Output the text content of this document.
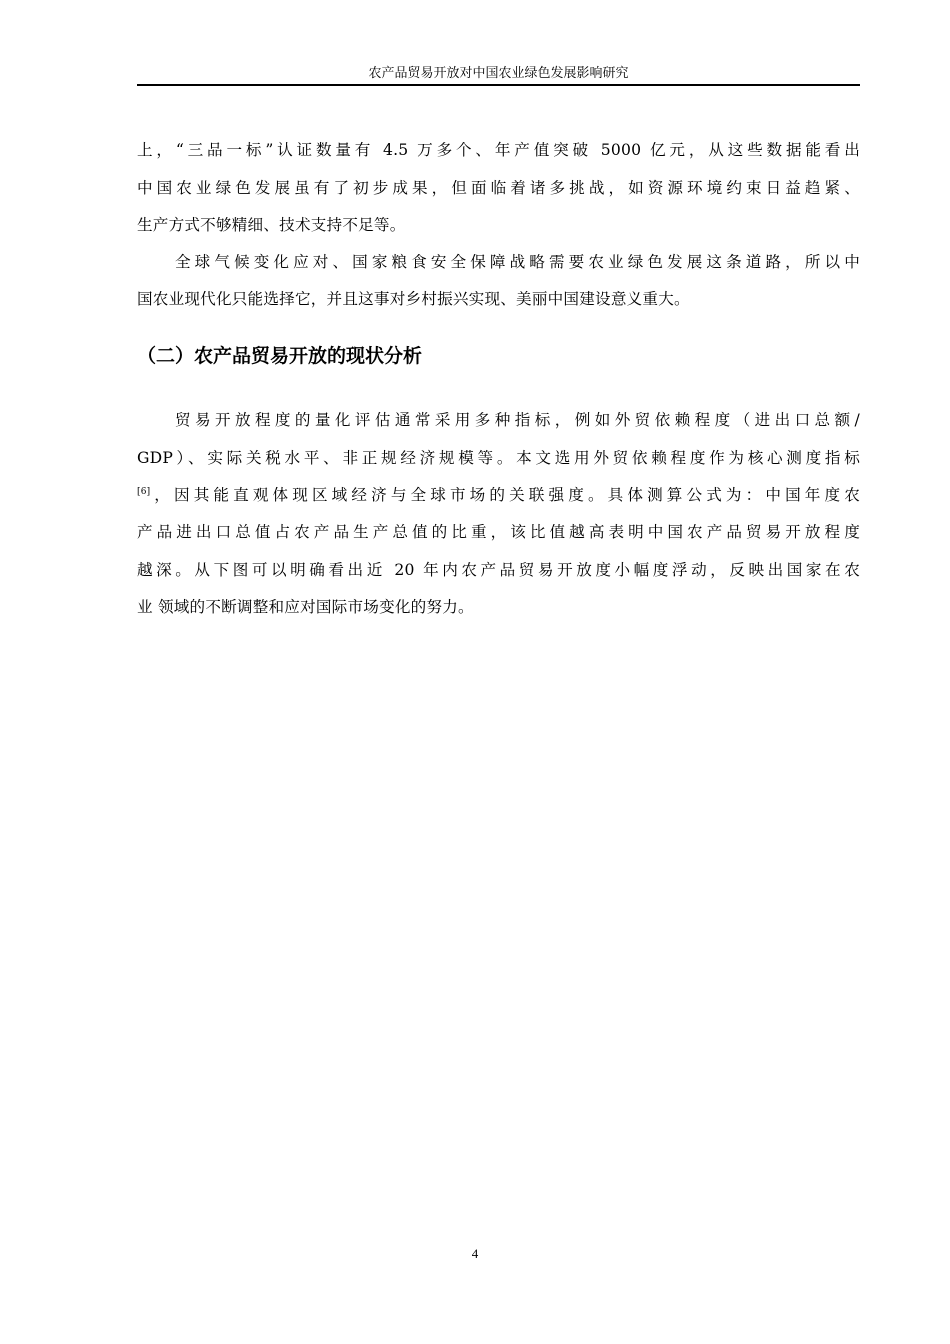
农产品贸易开放对中国农业绿色发展影响研究
上，“三品一标”认证数量有 4.5 万多个、年产值突破 5000 亿元，从这些数据能看出
中国农业绿色发展虽有了初步成果，但面临着诸多挑战，如资源环境约束日益趋紧、
生产方式不够精细、技术支持不足等。
全球气候变化应对、国家粮食安全保障战略需要农业绿色发展这条道路，所以中
国农业现代化只能选择它，并且这事对乡村振兴实现、美丽中国建设意义重大。
（二）农产品贸易开放的现状分析
贸易开放程度的量化评估通常采用多种指标，例如外贸依赖程度（进出口总额/
GDP）、实际关税水平、非正规经济规模等。本文选用外贸依赖程度作为核心测度指标
[6]，因其能直观体现区域经济与全球市场的关联强度。具体测算公式为：中国年度农
产品进出口总值占农产品生产总值的比重，该比值越高表明中国农产品贸易开放程度
越深。从下图可以明确看出近 20 年内农产品贸易开放度小幅度浮动，反映出国家在农
业 领域的不断调整和应对国际市场变化的努力。
4
